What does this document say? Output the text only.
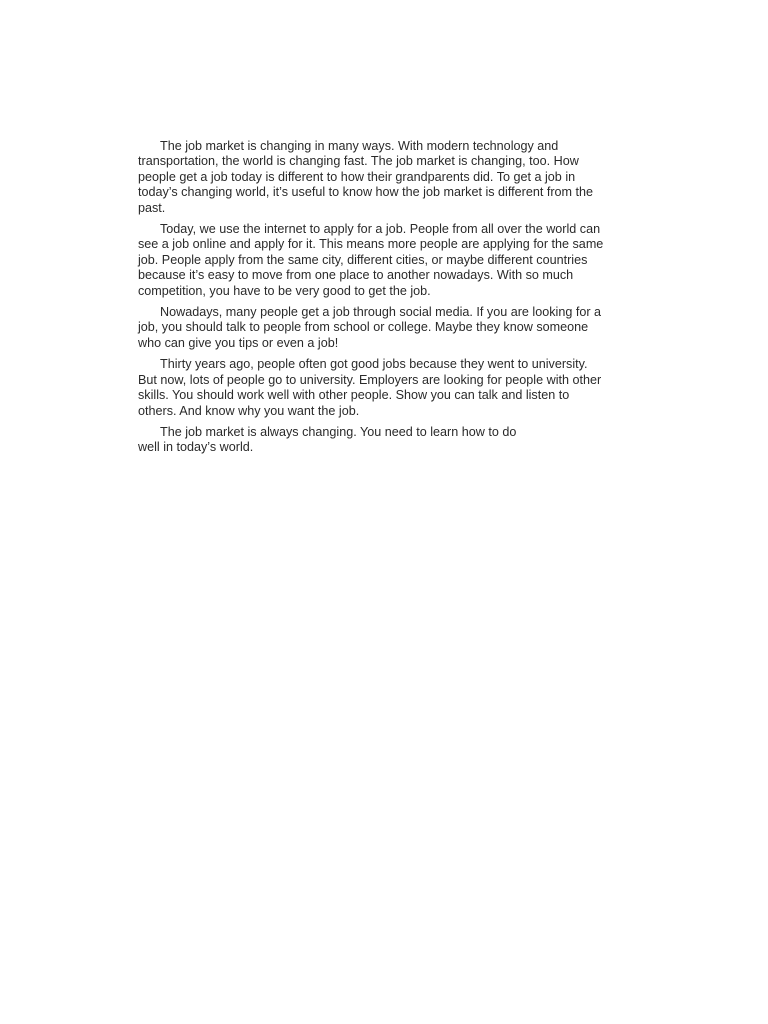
The job market is changing in many ways. With modern technology and transportation, the world is changing fast. The job market is changing, too. How people get a job today is different to how their grandparents did. To get a job in today’s changing world, it’s useful to know how the job market is different from the past.

Today, we use the internet to apply for a job. People from all over the world can see a job online and apply for it. This means more people are applying for the same job. People apply from the same city, different cities, or maybe different countries because it’s easy to move from one place to another nowadays. With so much competition, you have to be very good to get the job.

Nowadays, many people get a job through social media. If you are looking for a job, you should talk to people from school or college. Maybe they know someone who can give you tips or even a job!

Thirty years ago, people often got good jobs because they went to university. But now, lots of people go to university. Employers are looking for people with other skills. You should work well with other people. Show you can talk and listen to others. And know why you want the job.

The job market is always changing. You need to learn how to do well in today’s world.
